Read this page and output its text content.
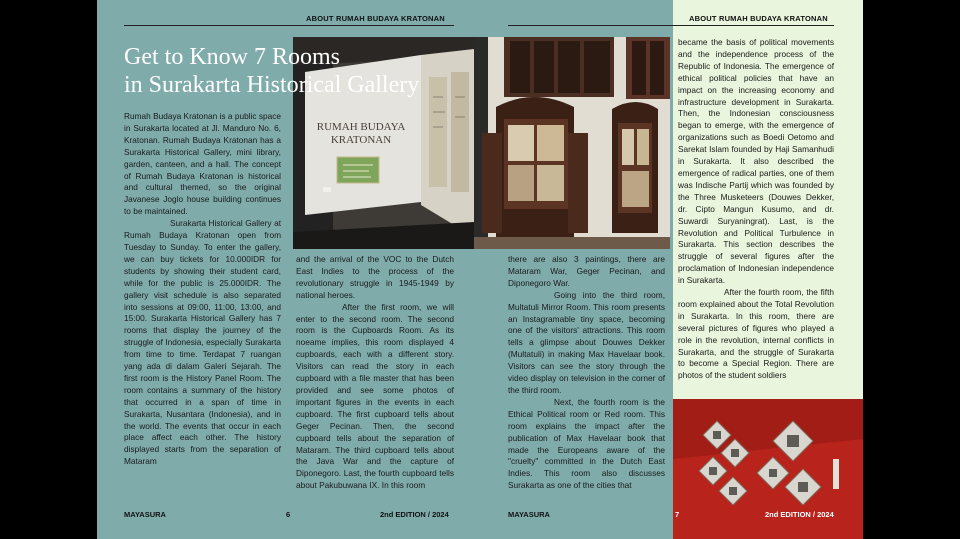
ABOUT RUMAH BUDAYA KRATONAN
RUMAH BUDAYA
KRATONAN
Get to Know 7 Rooms
in Surakarta Historical Gallery

Rumah Budaya Kratonan is a public space in Surakarta located at Jl. Manduro No. 6, Kratonan. Rumah Budaya Kratonan has a Surakarta Historical Gallery, mini library, garden, canteen, and a hall. The concept of Rumah Budaya Kratonan is historical and cultural themed, so the original Javanese Joglo house building continues to be maintained.

Surakarta Historical Gallery at Rumah Budaya Kratonan open from Tuesday to Sunday. To enter the gallery, we can buy tickets for 10.000IDR for students by showing their student card, while for the public is 25.000IDR. The gallery visit schedule is also separated into sessions at 09:00, 11:00, 13:00, and 15:00. Surakarta Historical Gallery has 7 rooms that display the journey of the struggle of Indonesia, especially Surakarta from time to time. Terdapat 7 ruangan yang ada di dalam Galeri Sejarah. The first room is the History Panel Room. The room contains a summary of the history that occurred in a span of time in Surakarta, Nusantara (Indonesia), and in the world. The events that occur in each place affect each other. The history displayed starts from the separation of Mataram

and the arrival of the VOC to the Dutch East Indies to the process of the revolutionary struggle in 1945-1949 by national heroes.

After the first room, we will enter to the second room. The second room is the Cupboards Room. As its noeame implies, this room displayed 4 cupboards, each with a different story. Visitors can read the story in each cupboard with a file master that has been provided and see some photos of important figures in the events in each cupboard. The first cupboard tells about Geger Pecinan. Then, the second cupboard tells about the separation of Mataram. The third cupboard tells about the Java War and the capture of Diponegoro. Last, the fourth cupboard tells about Pakubuwana IX. In this room

MAYASURA	6	2nd EDITION / 2024
ABOUT RUMAH BUDAYA KRATONAN

there are also 3 paintings, there are Mataram War, Geger Pecinan, and Diponegoro War.

Going into the third room, Multatuli Mirror Room. This room presents an Instagramable tiny space, becoming one of the visitors' attractions. This room tells a glimpse about Douwes Dekker (Multatuli) in making Max Havelaar book. Visitors can see the story through the video display on television in the corner of the third room.

Next, the fourth room is the Ethical Political room or Red room. This room explains the impact after the publication of Max Havelaar book that made the Europeans aware of the "cruelty" committed in the Dutch East Indies. This room also discusses Surakarta as one of the cities that

became the basis of political movements and the independence process of the Republic of Indonesia. The emergence of ethical political policies that have an impact on the increasing economy and infrastructure development in Surakarta. Then, the Indonesian consciousness began to emerge, with the emergence of organizations such as Boedi Oetomo and Sarekat Islam founded by Haji Samanhudi in Surakarta. It also described the emergence of radical parties, one of them was Indische Partij which was founded by the Three Musketeers (Douwes Dekker, dr. Cipto Mangun Kusumo, and dr. Suwardi Suryaningrat). Last, is the Revolution and Political Turbulence in Surakarta. This section describes the struggle of several figures after the proclamation of Indonesian independence in Surakarta.

After the fourth room, the fifth room explained about the Total Revolution in Surakarta. In this room, there are several pictures of figures who played a role in the revolution, internal conflicts in Surakarta, and the struggle of Surakarta to become a Special Region. There are photos of the student soldiers

MAYASURA	7	2nd EDITION / 2024
